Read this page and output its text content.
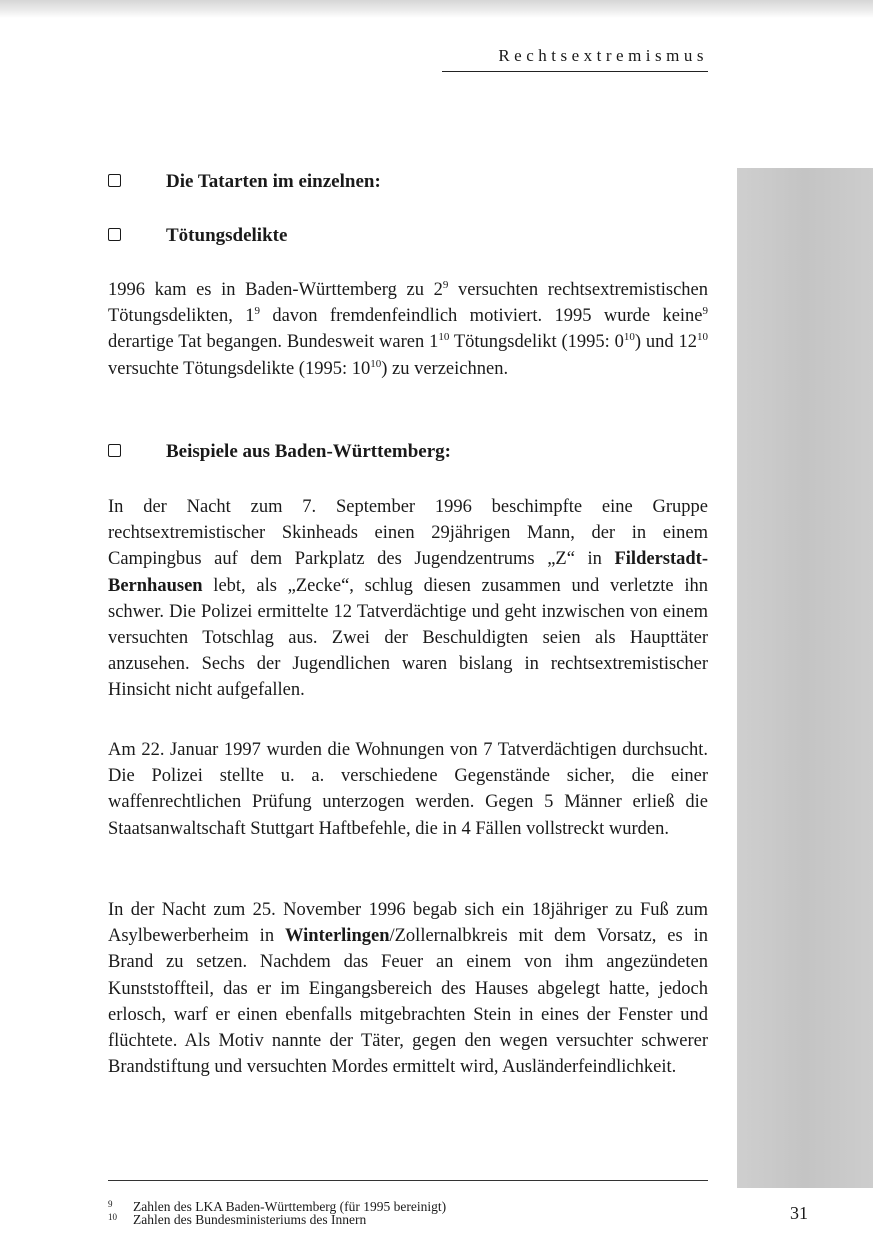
Rechtsextremismus
Die Tatarten im einzelnen:
Tötungsdelikte

1996 kam es in Baden-Württemberg zu $2^9$ versuchten rechtsextremistischen Tötungsdelikten, $1^9$ davon fremdenfeindlich motiviert. 1995 wurde keine$^9$ derartige Tat begangen. Bundesweit waren $1^{10}$ Tötungsdelikt (1995: $0^{10}$) und $12^{10}$ versuchte Tötungsdelikte (1995: $10^{10}$) zu verzeichnen.

Beispiele aus Baden-Württemberg:

In der Nacht zum 7. September 1996 beschimpfte eine Gruppe rechtsextremistischer Skinheads einen 29jährigen Mann, der in einem Campingbus auf dem Parkplatz des Jugendzentrums „Z“ in Filderstadt-Bernhausen lebt, als „Zecke“, schlug diesen zusammen und verletzte ihn schwer. Die Polizei ermittelte 12 Tatverdächtige und geht inzwischen von einem versuchten Totschlag aus. Zwei der Beschuldigten seien als Haupttäter anzusehen. Sechs der Jugendlichen waren bislang in rechtsextremistischer Hinsicht nicht aufgefallen.

Am 22. Januar 1997 wurden die Wohnungen von 7 Tatverdächtigen durchsucht. Die Polizei stellte u. a. verschiedene Gegenstände sicher, die einer waffenrechtlichen Prüfung unterzogen werden. Gegen 5 Männer erließ die Staatsanwaltschaft Stuttgart Haftbefehle, die in 4 Fällen vollstreckt wurden.

In der Nacht zum 25. November 1996 begab sich ein 18jähriger zu Fuß zum Asylbewerberheim in Winterlingen/Zollernalbkreis mit dem Vorsatz, es in Brand zu setzen. Nachdem das Feuer an einem von ihm angezündeten Kunststoffteil, das er im Eingangsbereich des Hauses abgelegt hatte, jedoch erlosch, warf er einen ebenfalls mitgebrachten Stein in eines der Fenster und flüchtete. Als Motiv nannte der Täter, gegen den wegen versuchter schwerer Brandstiftung und versuchten Mordes ermittelt wird, Ausländerfeindlichkeit.

9 Zahlen des LKA Baden-Württemberg (für 1995 bereinigt)
10 Zahlen des Bundesministeriums des Innern	31
